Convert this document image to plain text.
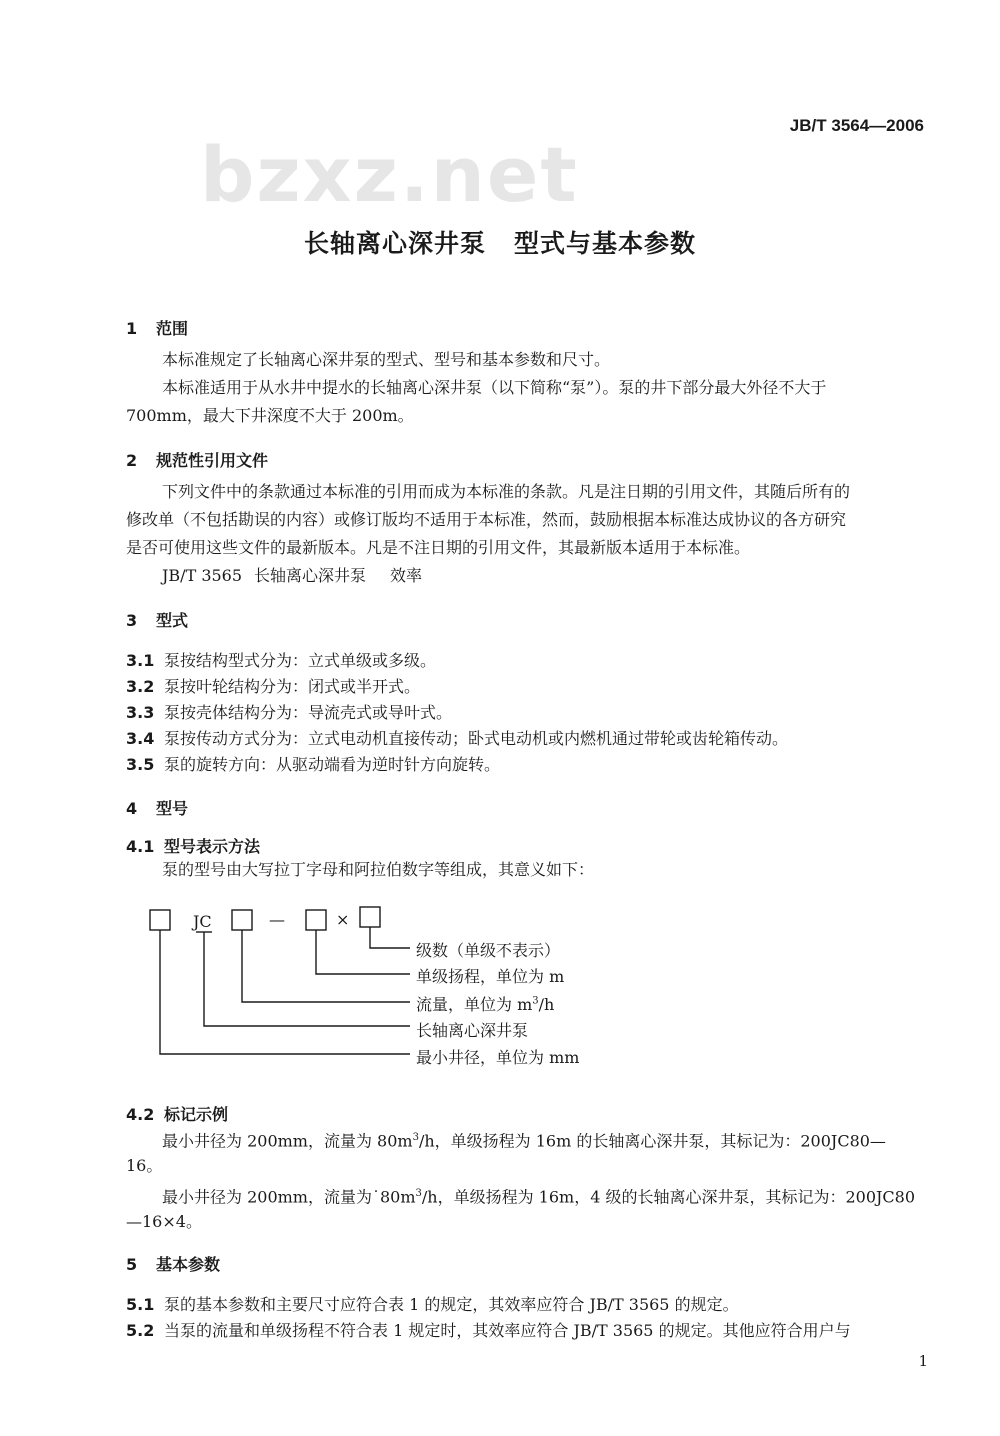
bzxz.net
JB/T 3564—2006
长轴离心深井泵 型式与基本参数
1 范围
本标准规定了长轴离心深井泵的型式、型号和基本参数和尺寸。
本标准适用于从水井中提水的长轴离心深井泵（以下简称“泵”）。泵的井下部分最大外径不大于
700mm，最大下井深度不大于 200m。
2 规范性引用文件
下列文件中的条款通过本标准的引用而成为本标准的条款。凡是注日期的引用文件，其随后所有的
修改单（不包括勘误的内容）或修订版均不适用于本标准，然而，鼓励根据本标准达成协议的各方研究
是否可使用这些文件的最新版本。凡是不注日期的引用文件，其最新版本适用于本标准。
JB/T 3565 长轴离心深井泵 效率
3 型式
3.1 泵按结构型式分为：立式单级或多级。
3.2 泵按叶轮结构分为：闭式或半开式。
3.3 泵按壳体结构分为：导流壳式或导叶式。
3.4 泵按传动方式分为：立式电动机直接传动；卧式电动机或内燃机通过带轮或齿轮箱传动。
3.5 泵的旋转方向：从驱动端看为逆时针方向旋转。
4 型号
4.1 型号表示方法
泵的型号由大写拉丁字母和阿拉伯数字等组成，其意义如下：
JC	—	×
级数（单级不表示）
单级扬程，单位为 m
流量，单位为 $m^3/h$
长轴离心深井泵
最小井径，单位为 mm
4.2 标记示例
最小井径为 200mm，流量为 $80m^3/h$，单级扬程为 16m 的长轴离心深井泵，其标记为：200JC80—
16。
最小井径为 200mm，流量为$˙80m^3/h$，单级扬程为 16m，4 级的长轴离心深井泵，其标记为：200JC80
—16×4。
5 基本参数
5.1 泵的基本参数和主要尺寸应符合表 1 的规定，其效率应符合 JB/T 3565 的规定。
5.2 当泵的流量和单级扬程不符合表 1 规定时，其效率应符合 JB/T 3565 的规定。其他应符合用户与
1
